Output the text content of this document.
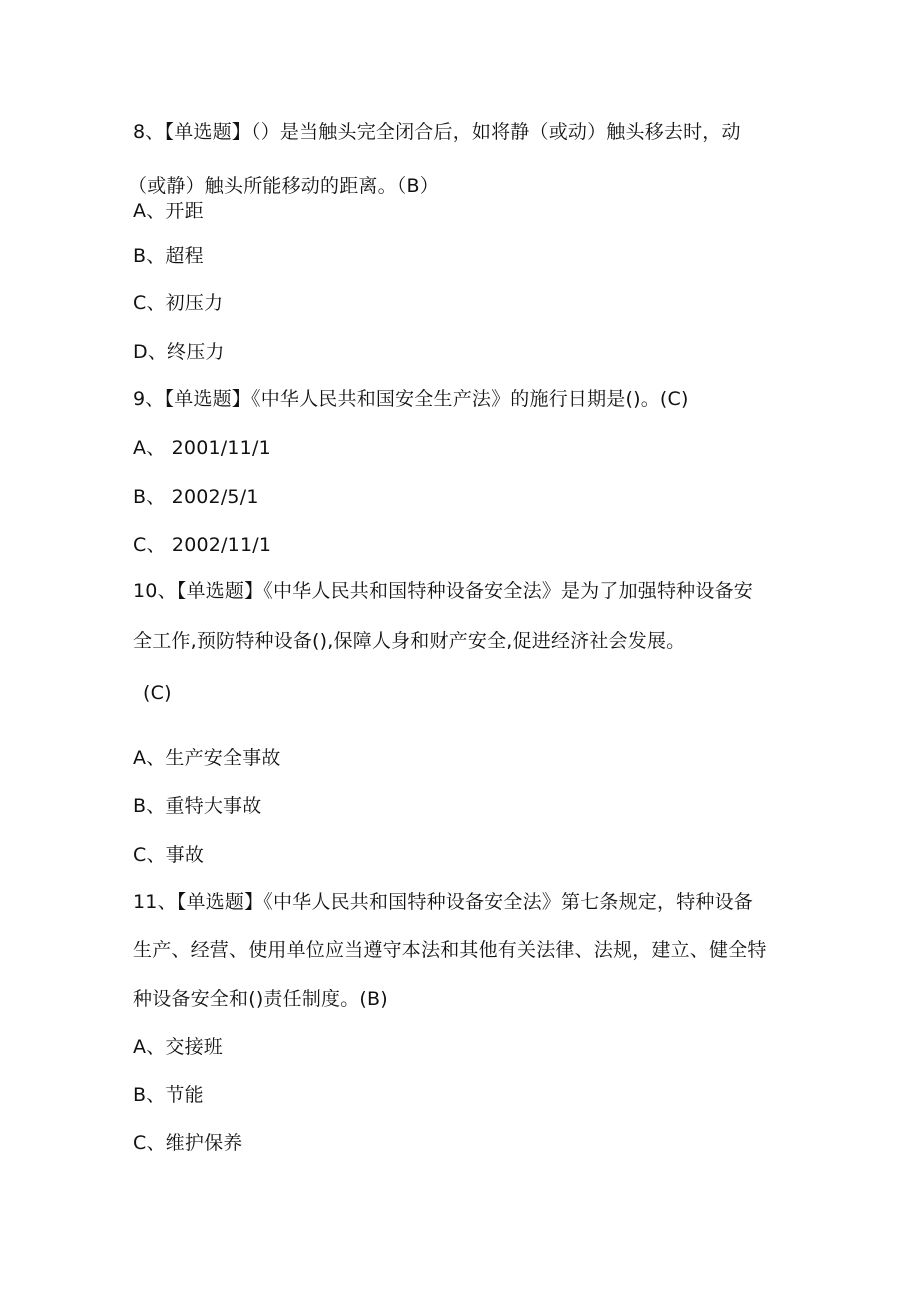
8、【单选题】（）是当触头完全闭合后，如将静（或动）触头移去时，动
（或静）触头所能移动的距离。（B）
A、开距
B、超程
C、初压力
D、终压力
9、【单选题】《中华人民共和国安全生产法》的施行日期是()。(C)
A、 2001/11/1
B、 2002/5/1
C、 2002/11/1
10、【单选题】《中华人民共和国特种设备安全法》是为了加强特种设备安
全工作,预防特种设备(),保障人身和财产安全,促进经济社会发展。
(C)
A、生产安全事故
B、重特大事故
C、事故
11、【单选题】《中华人民共和国特种设备安全法》第七条规定，特种设备
生产、经营、使用单位应当遵守本法和其他有关法律、法规，建立、健全特
种设备安全和()责任制度。(B)
A、交接班
B、节能
C、维护保养
